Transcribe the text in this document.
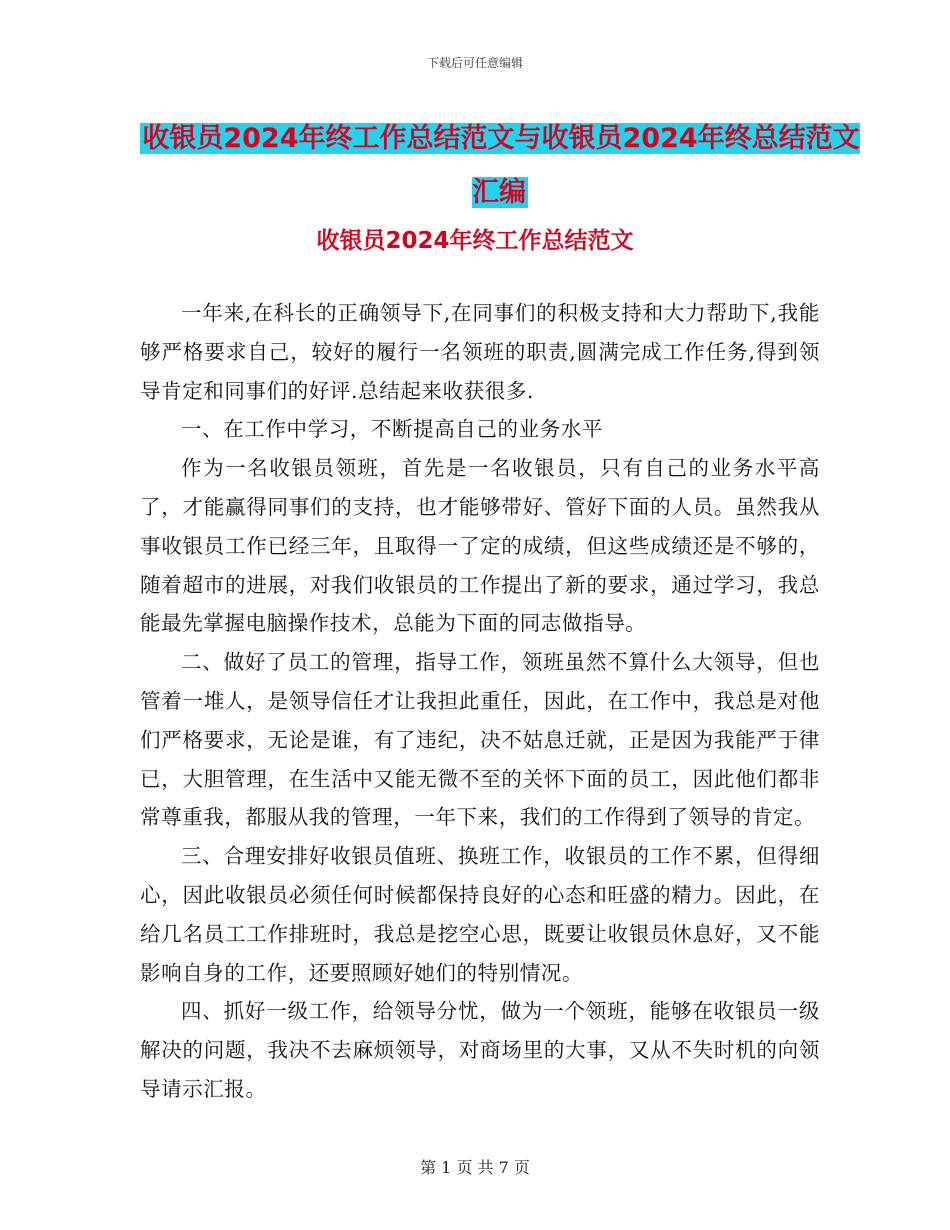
下载后可任意编辑
收银员2024年终工作总结范文与收银员2024年终总结范文汇编
收银员2024年终工作总结范文

一年来,在科长的正确领导下,在同事们的积极支持和大力帮助下,我能够严格要求自己，较好的履行一名领班的职责,圆满完成工作任务,得到领导肯定和同事们的好评.总结起来收获很多.

一、在工作中学习，不断提高自己的业务水平

作为一名收银员领班，首先是一名收银员，只有自己的业务水平高了，才能赢得同事们的支持，也才能够带好、管好下面的人员。虽然我从事收银员工作已经三年，且取得一了定的成绩，但这些成绩还是不够的，随着超市的进展，对我们收银员的工作提出了新的要求，通过学习，我总能最先掌握电脑操作技术，总能为下面的同志做指导。

二、做好了员工的管理，指导工作，领班虽然不算什么大领导，但也管着一堆人，是领导信任才让我担此重任，因此，在工作中，我总是对他们严格要求，无论是谁，有了违纪，决不姑息迁就，正是因为我能严于律已，大胆管理，在生活中又能无微不至的关怀下面的员工，因此他们都非常尊重我，都服从我的管理，一年下来，我们的工作得到了领导的肯定。

三、合理安排好收银员值班、换班工作，收银员的工作不累，但得细心，因此收银员必须任何时候都保持良好的心态和旺盛的精力。因此，在给几名员工工作排班时，我总是挖空心思，既要让收银员休息好，又不能影响自身的工作，还要照顾好她们的特别情况。

四、抓好一级工作，给领导分忧，做为一个领班，能够在收银员一级解决的问题，我决不去麻烦领导，对商场里的大事，又从不失时机的向领导请示汇报。

第 1 页 共 7 页
